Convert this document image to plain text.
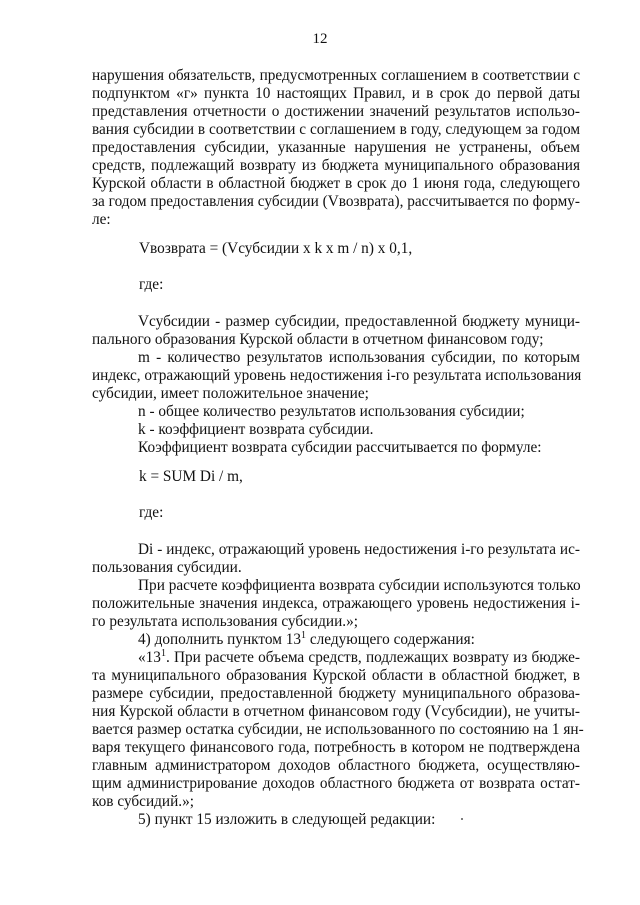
12

нарушения обязательств, предусмотренных соглашением в соответствии с

подпунктом «г» пункта 10 настоящих Правил, и в срок до первой даты

представления отчетности о достижении значений результатов использо-

вания субсидии в соответствии с соглашением в году, следующем за годом

предоставления субсидии, указанные нарушения не устранены, объем

средств, подлежащий возврату из бюджета муниципального образования

Курской области в областной бюджет в срок до 1 июня года, следующего

за годом предоставления субсидии (Vвозврата), рассчитывается по форму-

ле:

Vвозврата = (Vсубсидии x k x m / n) x 0,1,

где:

Vсубсидии - размер субсидии, предоставленной бюджету муници-

пального образования Курской области в отчетном финансовом году;

m - количество результатов использования субсидии, по которым

индекс, отражающий уровень недостижения i-го результата использования

субсидии, имеет положительное значение;

n - общее количество результатов использования субсидии;

k - коэффициент возврата субсидии.

Коэффициент возврата субсидии рассчитывается по формуле:

k = SUM Di / m,

где:

Di - индекс, отражающий уровень недостижения i-го результата ис-

пользования субсидии.

При расчете коэффициента возврата субсидии используются только

положительные значения индекса, отражающего уровень недостижения i-

го результата использования субсидии.»;

4) дополнить пунктом $13^1$ следующего содержания:

«$13^1$. При расчете объема средств, подлежащих возврату из бюдже-

та муниципального образования Курской области в областной бюджет, в

размере субсидии, предоставленной бюджету муниципального образова-

ния Курской области в отчетном финансовом году (Vсубсидии), не учиты-

вается размер остатка субсидии, не использованного по состоянию на 1 ян-

варя текущего финансового года, потребность в котором не подтверждена

главным администратором доходов областного бюджета, осуществляю-

щим администрирование доходов областного бюджета от возврата остат-

ков субсидий.»;

5) пункт 15 изложить в следующей редакции:
